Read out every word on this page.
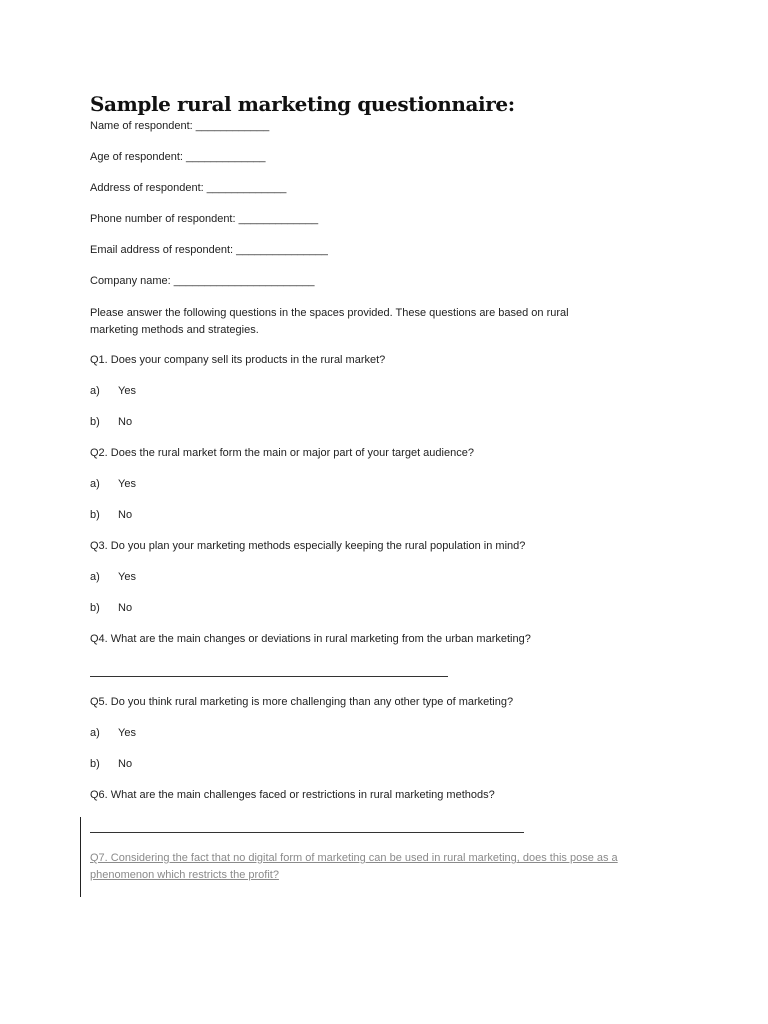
Sample rural marketing questionnaire:
Name of respondent: ____________
Age of respondent: _____________
Address of respondent: _____________
Phone number of respondent: _____________
Email address of respondent: _______________
Company name: _______________________
Please answer the following questions in the spaces provided. These questions are based on rural marketing methods and strategies.
Q1. Does your company sell its products in the rural market?
a) Yes
b) No
Q2. Does the rural market form the main or major part of your target audience?
a) Yes
b) No
Q3. Do you plan your marketing methods especially keeping the rural population in mind?
a) Yes
b) No
Q4. What are the main changes or deviations in rural marketing from the urban marketing?
Q5. Do you think rural marketing is more challenging than any other type of marketing?
a) Yes
b) No
Q6. What are the main challenges faced or restrictions in rural marketing methods?
Q7. Considering the fact that no digital form of marketing can be used in rural marketing, does this pose as a phenomenon which restricts the profit?
